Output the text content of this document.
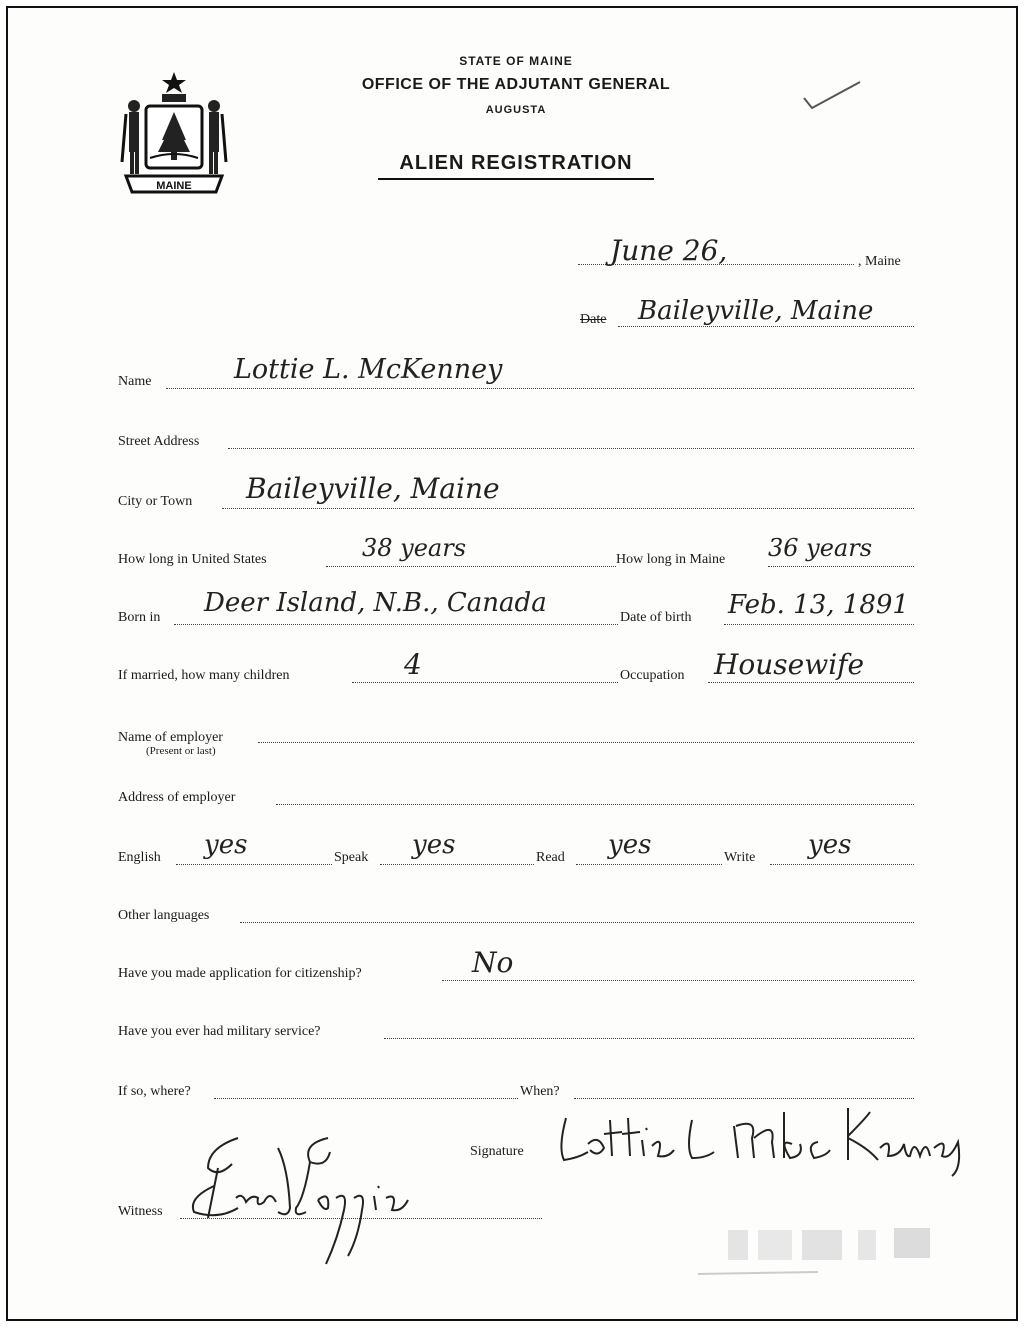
MAINE
STATE OF MAINE
OFFICE OF THE ADJUTANT GENERAL
AUGUSTA
ALIEN REGISTRATION
June 26,	, Maine
Date Baileyville, Maine
Name	Lottie L. McKenney
Street Address
City or Town Baileyville, Maine
How long in United States	38 years	How long in Maine 36 years
Born in Deer Island, N.B., Canada	Date of birth Feb. 13, 1891
If married, how many children	4	Occupation Housewife
Name of employer
(Present or last)
Address of employer
English yes	Speak yes	Read yes	Write yes
Other languages
Have you made application for citizenship?	No
Have you ever had military service?
If so, where?	When?
Signature
Witness
